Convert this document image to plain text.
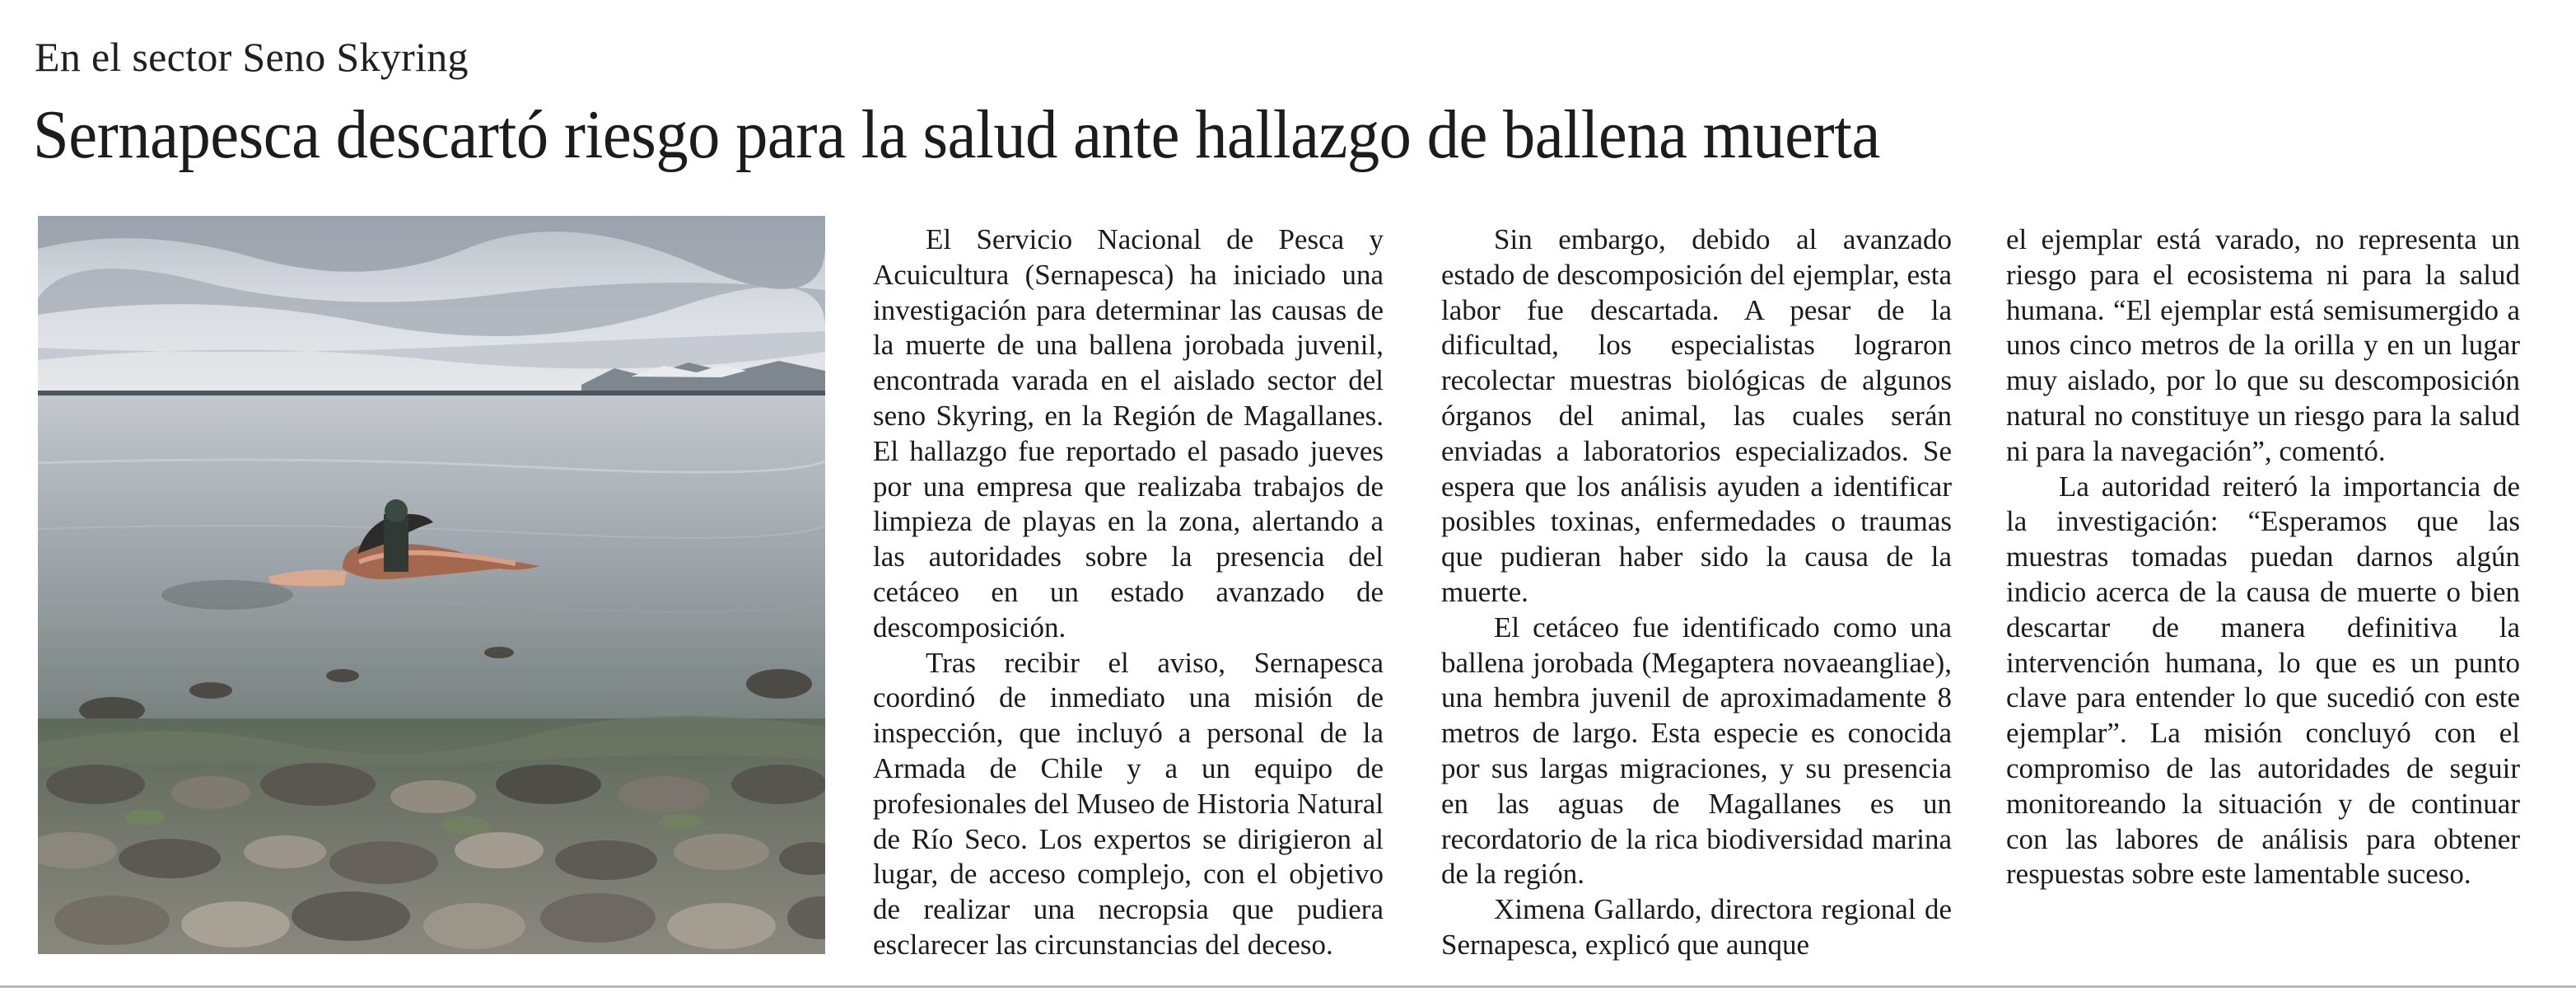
En el sector Seno Skyring
Sernapesca descartó riesgo para la salud ante hallazgo de ballena muerta

El Servicio Nacional de Pesca y Acuicultura (Sernapesca) ha iniciado una investigación para determinar las causas de la muerte de una ballena jorobada juvenil, encontrada varada en el aislado sector del seno Skyring, en la Región de Magallanes. El hallazgo fue reportado el pasado jueves por una empresa que realizaba trabajos de limpieza de playas en la zona, alertando a las autoridades sobre la presencia del cetáceo en un estado avanzado de descomposición.

Tras recibir el aviso, Sernapesca coordinó de inmediato una misión de inspección, que incluyó a personal de la Armada de Chile y a un equipo de profesionales del Museo de Historia Natural de Río Seco. Los expertos se dirigieron al lugar, de acceso complejo, con el objetivo de realizar una necropsia que pudiera esclarecer las circunstancias del deceso.

Sin embargo, debido al avanzado estado de descomposición del ejemplar, esta labor fue descartada. A pesar de la dificultad, los especialistas lograron recolectar muestras biológicas de algunos órganos del animal, las cuales serán enviadas a laboratorios especializados. Se espera que los análisis ayuden a identificar posibles toxinas, enfermedades o traumas que pudieran haber sido la causa de la muerte.

El cetáceo fue identificado como una ballena jorobada (Megaptera novaeangliae), una hembra juvenil de aproximadamente 8 metros de largo. Esta especie es conocida por sus largas migraciones, y su presencia en las aguas de Magallanes es un recordatorio de la rica biodiversidad marina de la región.

Ximena Gallardo, directora regional de Sernapesca, explicó que aunque

el ejemplar está varado, no representa un riesgo para el ecosistema ni para la salud humana. “El ejemplar está semisumergido a unos cinco metros de la orilla y en un lugar muy aislado, por lo que su descomposición natural no constituye un riesgo para la salud ni para la navegación”, comentó.

La autoridad reiteró la importancia de la investigación: “Esperamos que las muestras tomadas puedan darnos algún indicio acerca de la causa de muerte o bien descartar de manera definitiva la intervención humana, lo que es un punto clave para entender lo que sucedió con este ejemplar”. La misión concluyó con el compromiso de las autoridades de seguir monitoreando la situación y de continuar con las labores de análisis para obtener respuestas sobre este lamentable suceso.
